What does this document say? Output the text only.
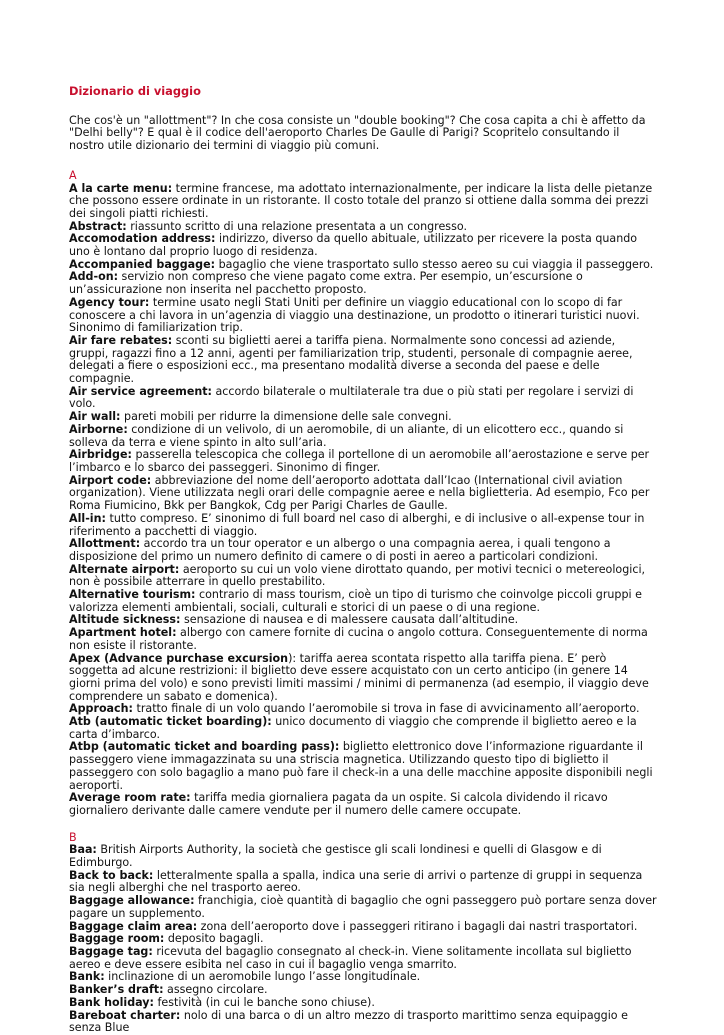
Dizionario di viaggio

Che cos'è un "allottment"? In che cosa consiste un "double booking"? Che cosa capita a chi è affetto da "Delhi belly"? E qual è il codice dell'aeroporto Charles De Gaulle di Parigi? Scopritelo consultando il nostro utile dizionario dei termini di viaggio più comuni.

A

A la carte menu: termine francese, ma adottato internazionalmente, per indicare la lista delle pietanze che possono essere ordinate in un ristorante. Il costo totale del pranzo si ottiene dalla somma dei prezzi dei singoli piatti richiesti.

Abstract: riassunto scritto di una relazione presentata a un congresso.

Accomodation address: indirizzo, diverso da quello abituale, utilizzato per ricevere la posta quando uno è lontano dal proprio luogo di residenza.

Accompanied baggage: bagaglio che viene trasportato sullo stesso aereo su cui viaggia il passeggero.

Add-on: servizio non compreso che viene pagato come extra. Per esempio, un’escursione o un’assicurazione non inserita nel pacchetto proposto.

Agency tour: termine usato negli Stati Uniti per definire un viaggio educational con lo scopo di far conoscere a chi lavora in un’agenzia di viaggio una destinazione, un prodotto o itinerari turistici nuovi. Sinonimo di familiarization trip.

Air fare rebates: sconti su biglietti aerei a tariffa piena. Normalmente sono concessi ad aziende, gruppi, ragazzi fino a 12 anni, agenti per familiarization trip, studenti, personale di compagnie aeree, delegati a fiere o esposizioni ecc., ma presentano modalità diverse a seconda del paese e delle compagnie.

Air service agreement: accordo bilaterale o multilaterale tra due o più stati per regolare i servizi di volo.

Air wall: pareti mobili per ridurre la dimensione delle sale convegni.

Airborne: condizione di un velivolo, di un aeromobile, di un aliante, di un elicottero ecc., quando si solleva da terra e viene spinto in alto sull’aria.

Airbridge: passerella telescopica che collega il portellone di un aeromobile all’aerostazione e serve per l’imbarco e lo sbarco dei passeggeri. Sinonimo di finger.

Airport code: abbreviazione del nome dell’aeroporto adottata dall’Icao (International civil aviation organization). Viene utilizzata negli orari delle compagnie aeree e nella biglietteria. Ad esempio, Fco per Roma Fiumicino, Bkk per Bangkok, Cdg per Parigi Charles de Gaulle.

All-in: tutto compreso. E’ sinonimo di full board nel caso di alberghi, e di inclusive o all-expense tour in riferimento a pacchetti di viaggio.

Allottment: accordo tra un tour operator e un albergo o una compagnia aerea, i quali tengono a disposizione del primo un numero definito di camere o di posti in aereo a particolari condizioni.

Alternate airport: aeroporto su cui un volo viene dirottato quando, per motivi tecnici o metereologici, non è possibile atterrare in quello prestabilito.

Alternative tourism: contrario di mass tourism, cioè un tipo di turismo che coinvolge piccoli gruppi e valorizza elementi ambientali, sociali, culturali e storici di un paese o di una regione.

Altitude sickness: sensazione di nausea e di malessere causata dall’altitudine.

Apartment hotel: albergo con camere fornite di cucina o angolo cottura. Conseguentemente di norma non esiste il ristorante.

Apex (Advance purchase excursion): tariffa aerea scontata rispetto alla tariffa piena. E’ però soggetta ad alcune restrizioni: il biglietto deve essere acquistato con un certo anticipo (in genere 14 giorni prima del volo) e sono previsti limiti massimi / minimi di permanenza (ad esempio, il viaggio deve comprendere un sabato e domenica).

Approach: tratto finale di un volo quando l’aeromobile si trova in fase di avvicinamento all’aeroporto.

Atb (automatic ticket boarding): unico documento di viaggio che comprende il biglietto aereo e la carta d’imbarco.

Atbp (automatic ticket and boarding pass): biglietto elettronico dove l’informazione riguardante il passeggero viene immagazzinata su una striscia magnetica. Utilizzando questo tipo di biglietto il passeggero con solo bagaglio a mano può fare il check-in a una delle macchine apposite disponibili negli aeroporti.

Average room rate: tariffa media giornaliera pagata da un ospite. Si calcola dividendo il ricavo giornaliero derivante dalle camere vendute per il numero delle camere occupate.

B

Baa: British Airports Authority, la società che gestisce gli scali londinesi e quelli di Glasgow e di Edimburgo.

Back to back: letteralmente spalla a spalla, indica una serie di arrivi o partenze di gruppi in sequenza sia negli alberghi che nel trasporto aereo.

Baggage allowance: franchigia, cioè quantità di bagaglio che ogni passeggero può portare senza dover pagare un supplemento.

Baggage claim area: zona dell’aeroporto dove i passeggeri ritirano i bagagli dai nastri trasportatori.

Baggage room: deposito bagagli.

Baggage tag: ricevuta del bagaglio consegnato al check-in. Viene solitamente incollata sul biglietto aereo e deve essere esibita nel caso in cui il bagaglio venga smarrito.

Bank: inclinazione di un aeromobile lungo l’asse longitudinale.

Banker’s draft: assegno circolare.

Bank holiday: festività (in cui le banche sono chiuse).

Bareboat charter: nolo di una barca o di un altro mezzo di trasporto marittimo senza equipaggio e senza Blue
